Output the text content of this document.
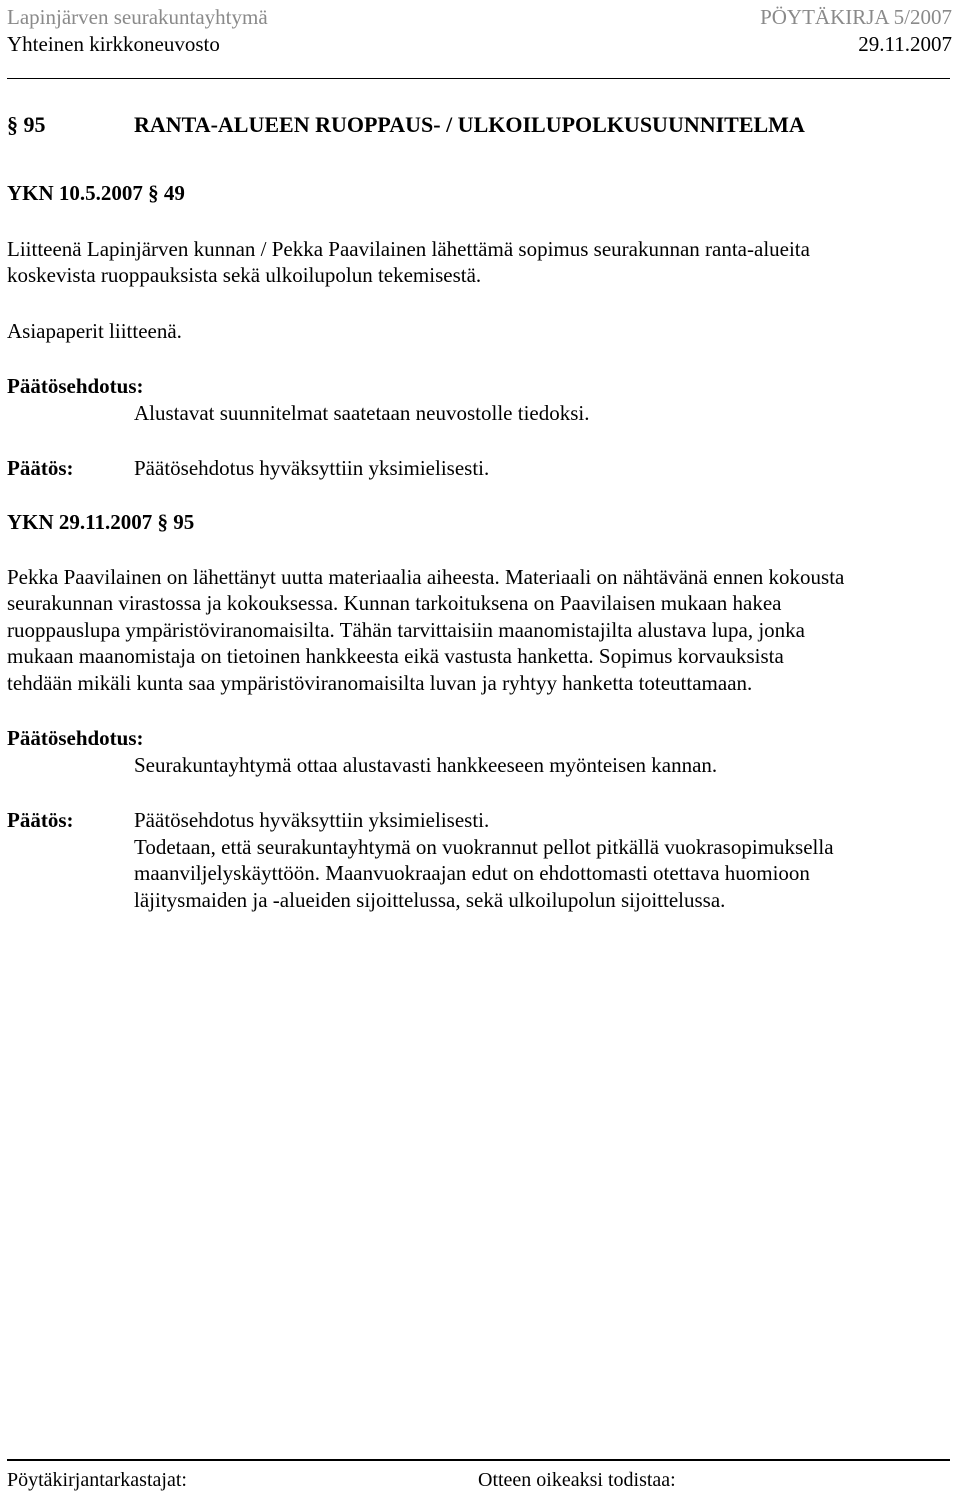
Lapinjärven seurakuntayhtymä	PÖYTÄKIRJA 5/2007
Yhteinen kirkkoneuvosto	29.11.2007
§ 95	RANTA-ALUEEN RUOPPAUS- / ULKOILUPOLKUSUUNNITELMA
YKN 10.5.2007 § 49
Liitteenä Lapinjärven kunnan / Pekka Paavilainen lähettämä sopimus seurakunnan ranta-alueita
koskevista ruoppauksista sekä ulkoilupolun tekemisestä.
Asiapaperit liitteenä.
Päätösehdotus:
Alustavat suunnitelmat saatetaan neuvostolle tiedoksi.
Päätös:	Päätösehdotus hyväksyttiin yksimielisesti.
YKN 29.11.2007 § 95
Pekka Paavilainen on lähettänyt uutta materiaalia aiheesta. Materiaali on nähtävänä ennen kokousta
seurakunnan virastossa ja kokouksessa. Kunnan tarkoituksena on Paavilaisen mukaan hakea
ruoppauslupa ympäristöviranomaisilta. Tähän tarvittaisiin maanomistajilta alustava lupa, jonka
mukaan maanomistaja on tietoinen hankkeesta eikä vastusta hanketta. Sopimus korvauksista
tehdään mikäli kunta saa ympäristöviranomaisilta luvan ja ryhtyy hanketta toteuttamaan.
Päätösehdotus:
Seurakuntayhtymä ottaa alustavasti hankkeeseen myönteisen kannan.
Päätös:	Päätösehdotus hyväksyttiin yksimielisesti.
Todetaan, että seurakuntayhtymä on vuokrannut pellot pitkällä vuokrasopimuksella
maanviljelyskäyttöön. Maanvuokraajan edut on ehdottomasti otettava huomioon
läjitysmaiden ja -alueiden sijoittelussa, sekä ulkoilupolun sijoittelussa.
Pöytäkirjantarkastajat:	Otteen oikeaksi todistaa:
